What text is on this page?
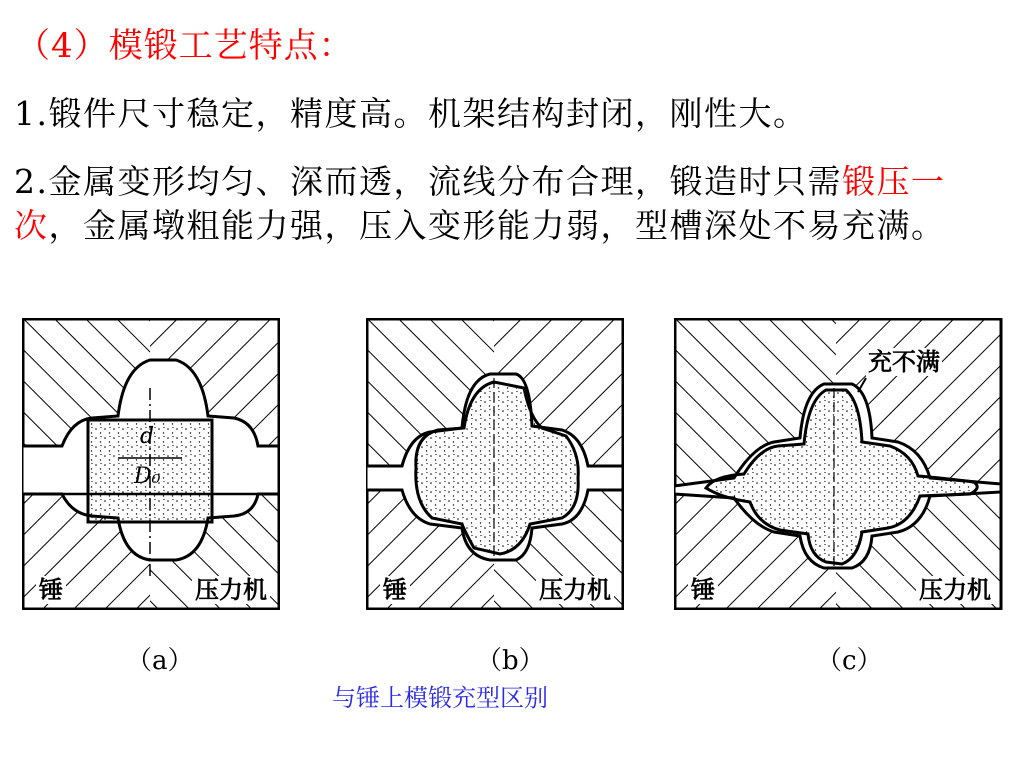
（4）模锻工艺特点：
1.锻件尺寸稳定，精度高。机架结构封闭，刚性大。
2.金属变形均匀、深而透，流线分布合理，锻造时只需锻压一次，金属墩粗能力强，压入变形能力弱，型槽深处不易充满。
d
D₀
锤	压力机	锤	压力机
充不满
锤	压力机
（a）	（b）	（c）
与锤上模锻充型区别
